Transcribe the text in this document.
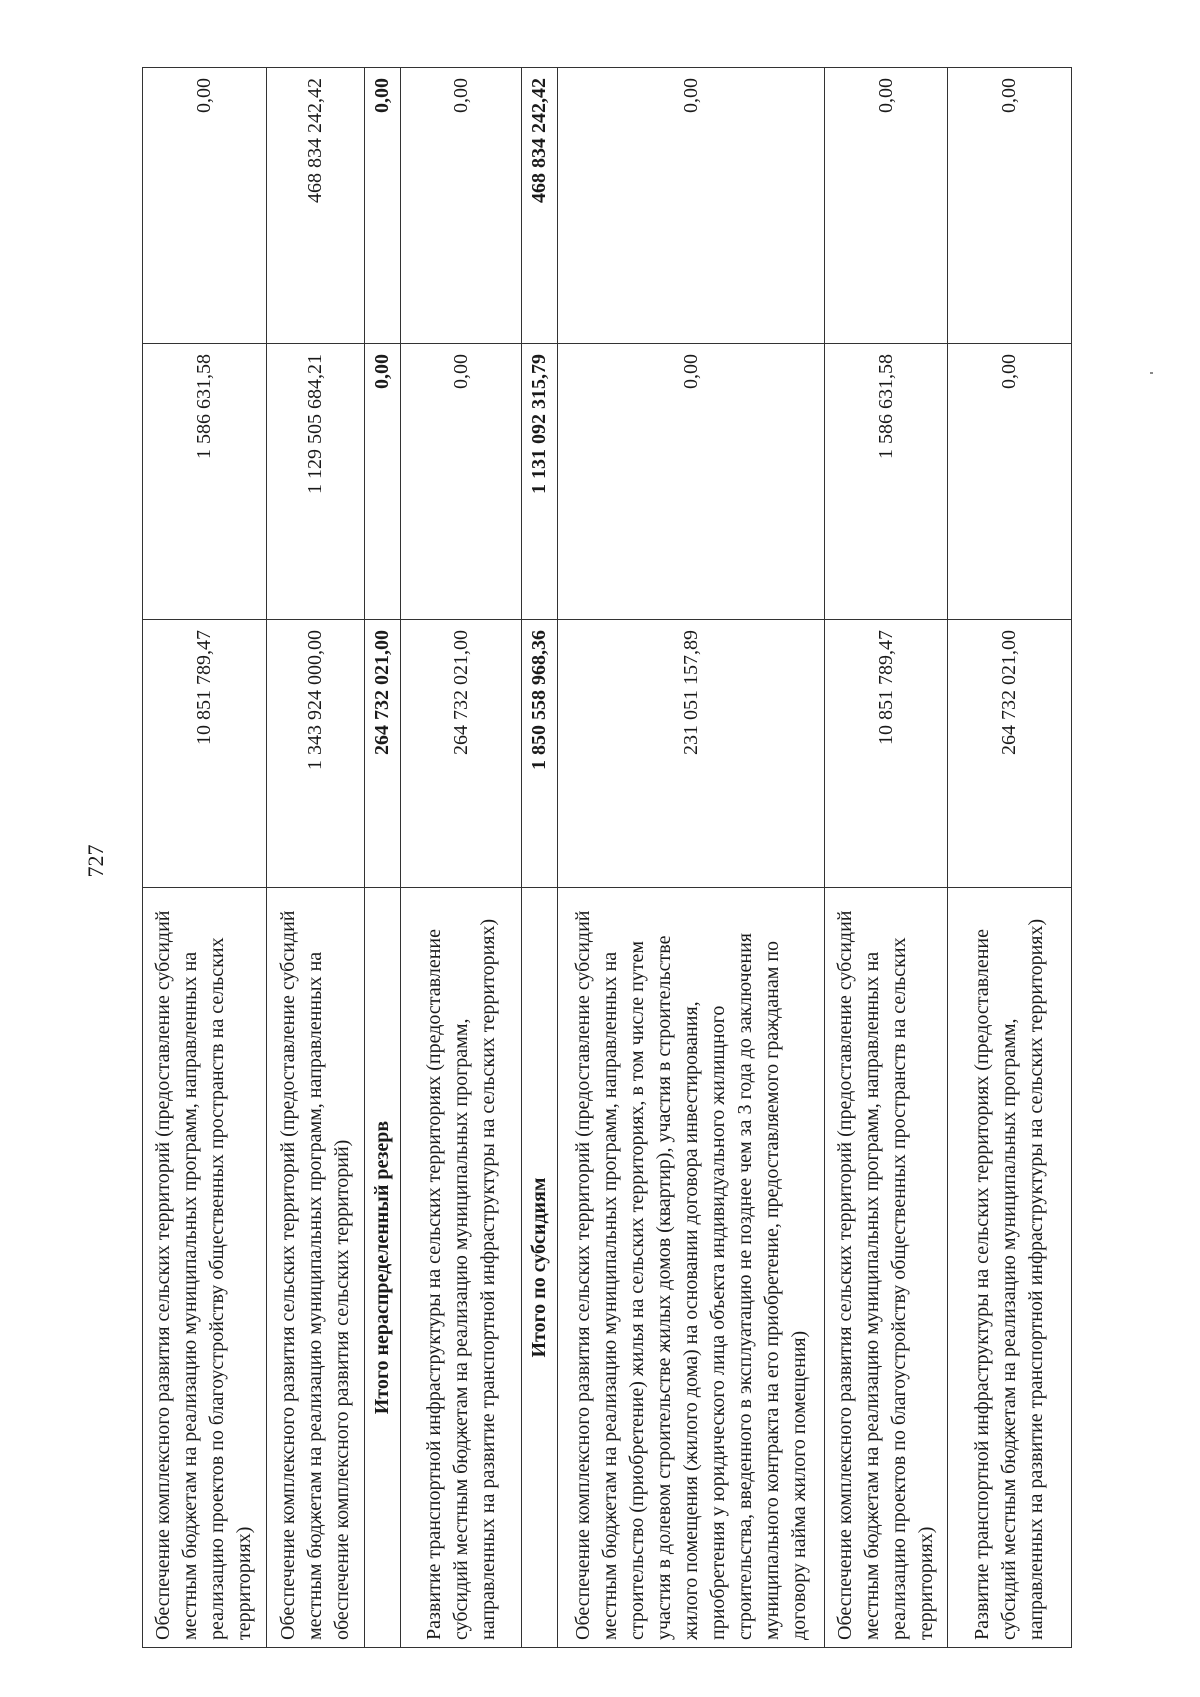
727
Обеспечение комплексного развития сельских территорий (предоставление субсидий местным бюджетам на реализацию муниципальных программ, направленных на реализацию проектов по благоустройству общественных пространств на сельских территориях)	10 851 789,47	1 586 631,58	0,00
Обеспечение комплексного развития сельских территорий (предоставление субсидий местным бюджетам на реализацию муниципальных программ, направленных на обеспечение комплексного развития сельских территорий)	1 343 924 000,00	1 129 505 684,21	468 834 242,42
Итого нераспределенный резерв	264 732 021,00	0,00	0,00
Развитие транспортной инфраструктуры на сельских территориях (предоставление субсидий местным бюджетам на реализацию муниципальных программ, направленных на развитие транспортной инфраструктуры на сельских территориях)	264 732 021,00	0,00	0,00
Итого по субсидиям	1 850 558 968,36	1 131 092 315,79	468 834 242,42
Обеспечение комплексного развития сельских территорий (предоставление субсидий местным бюджетам на реализацию муниципальных программ, направленных на строительство (приобретение) жилья на сельских территориях, в том числе путем участия в долевом строительстве жилых домов (квартир), участия в строительстве жилого помещения (жилого дома) на основании договора инвестирования, приобретения у юридического лица объекта индивидуального жилищного строительства, введенного в эксплуатацию не позднее чем за 3 года до заключения муниципального контракта на его приобретение, предоставляемого гражданам по договору найма жилого помещения)	231 051 157,89	0,00	0,00
Обеспечение комплексного развития сельских территорий (предоставление субсидий местным бюджетам на реализацию муниципальных программ, направленных на реализацию проектов по благоустройству общественных пространств на сельских территориях)	10 851 789,47	1 586 631,58	0,00
Развитие транспортной инфраструктуры на сельских территориях (предоставление субсидий местным бюджетам на реализацию муниципальных программ, направленных на развитие транспортной инфраструктуры на сельских территориях)	264 732 021,00	0,00	0,00
